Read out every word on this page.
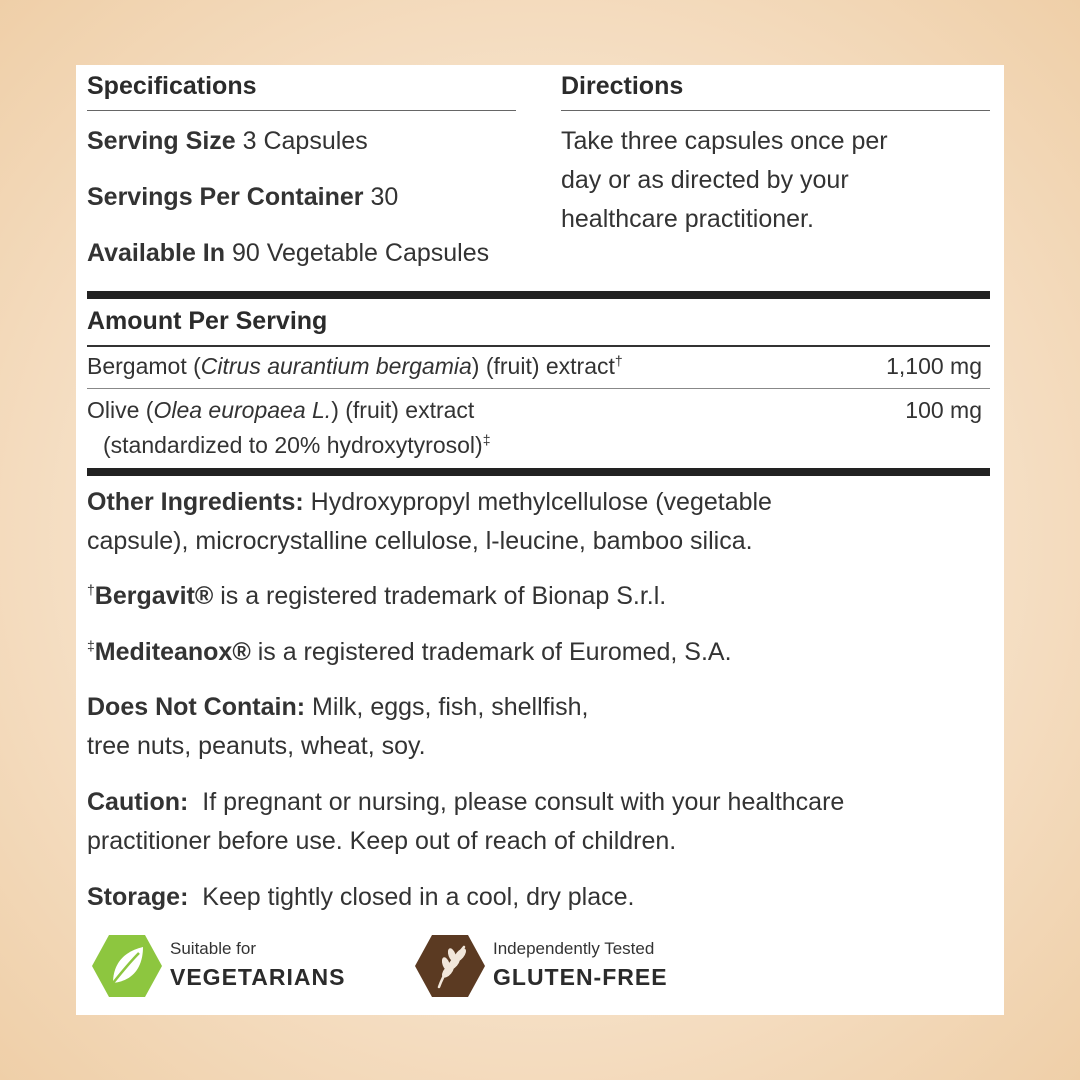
Specifications
Serving Size 3 Capsules
Servings Per Container 30
Available In 90 Vegetable Capsules
Directions
Take three capsules once per
day or as directed by your
healthcare practitioner.
Amount Per Serving
Bergamot (Citrus aurantium bergamia) (fruit) extract†	1,100 mg
Olive (Olea europaea L.) (fruit) extract
(standardized to 20% hydroxytyrosol)‡
100 mg
Other Ingredients: Hydroxypropyl methylcellulose (vegetable
capsule), microcrystalline cellulose, l-leucine, bamboo silica.
†Bergavit® is a registered trademark of Bionap S.r.l.
‡Mediteanox® is a registered trademark of Euromed, S.A.
Does Not Contain: Milk, eggs, fish, shellfish,
tree nuts, peanuts, wheat, soy.
Caution:  If pregnant or nursing, please consult with your healthcare
practitioner before use. Keep out of reach of children.
Storage:  Keep tightly closed in a cool, dry place.
Suitable for
VEGETARIANS
Independently Tested
GLUTEN-FREE
